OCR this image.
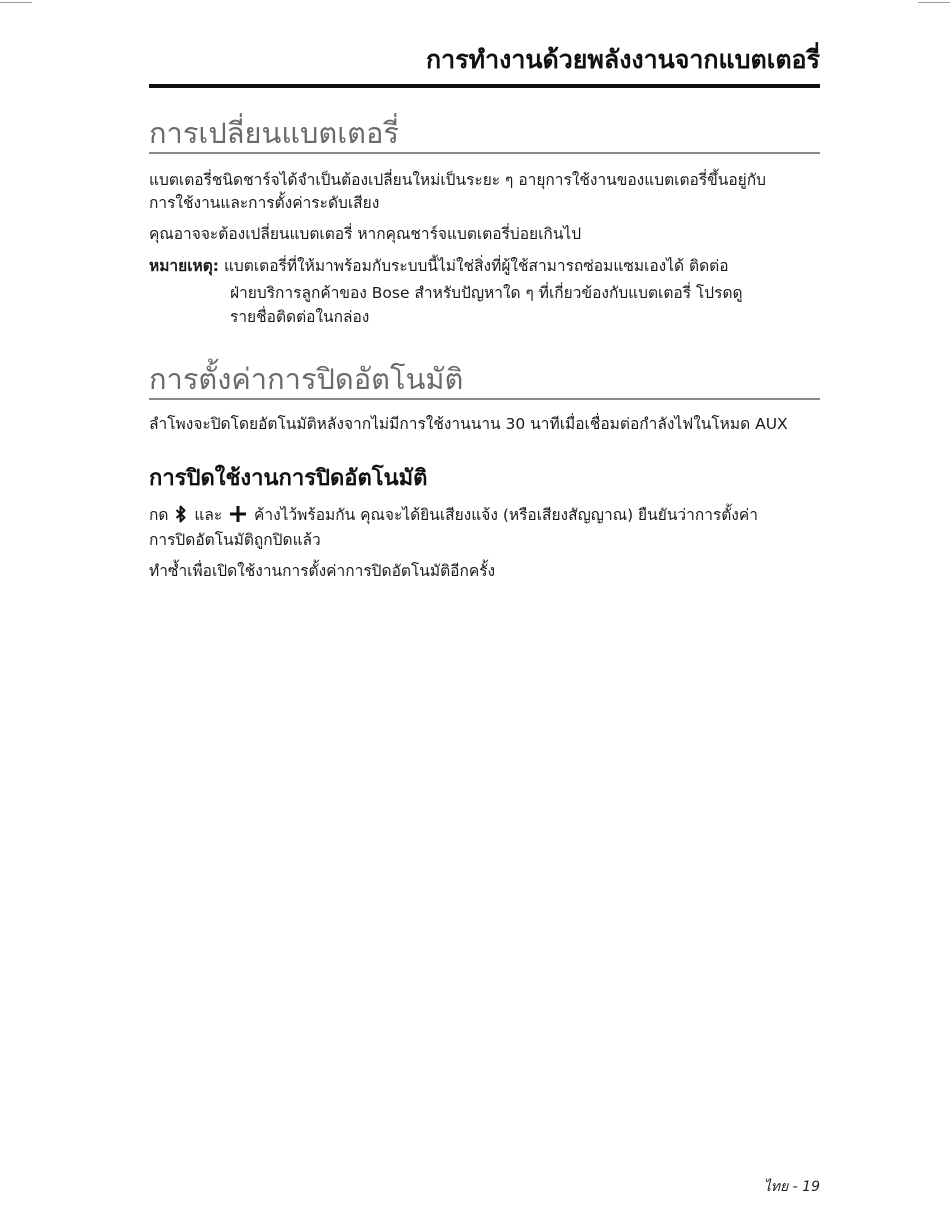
การทำงานด้วยพลังงานจากแบตเตอรี่
การเปลี่ยนแบตเตอรี่
แบตเตอรี่ชนิดชาร์จได้จำเป็นต้องเปลี่ยนใหม่เป็นระยะ ๆ อายุการใช้งานของแบตเตอรี่ขึ้นอยู่กับ
การใช้งานและการตั้งค่าระดับเสียง
คุณอาจจะต้องเปลี่ยนแบตเตอรี่ หากคุณชาร์จแบตเตอรี่บ่อยเกินไป
หมายเหตุ: แบตเตอรี่ที่ให้มาพร้อมกับระบบนี้ไม่ใช่สิ่งที่ผู้ใช้สามารถซ่อมแซมเองได้ ติดต่อ
ฝ่ายบริการลูกค้าของ Bose สำหรับปัญหาใด ๆ ที่เกี่ยวข้องกับแบตเตอรี่ โปรดดู
รายชื่อติดต่อในกล่อง
การตั้งค่าการปิดอัตโนมัติ
ลำโพงจะปิดโดยอัตโนมัติหลังจากไม่มีการใช้งานนาน 30 นาทีเมื่อเชื่อมต่อกำลังไฟในโหมด AUX
การปิดใช้งานการปิดอัตโนมัติ
กด และ ค้างไว้พร้อมกัน คุณจะได้ยินเสียงแจ้ง (หรือเสียงสัญญาณ) ยืนยันว่าการตั้งค่า
การปิดอัตโนมัติถูกปิดแล้ว
ทำซ้ำเพื่อเปิดใช้งานการตั้งค่าการปิดอัตโนมัติอีกครั้ง
ไทย - 19
